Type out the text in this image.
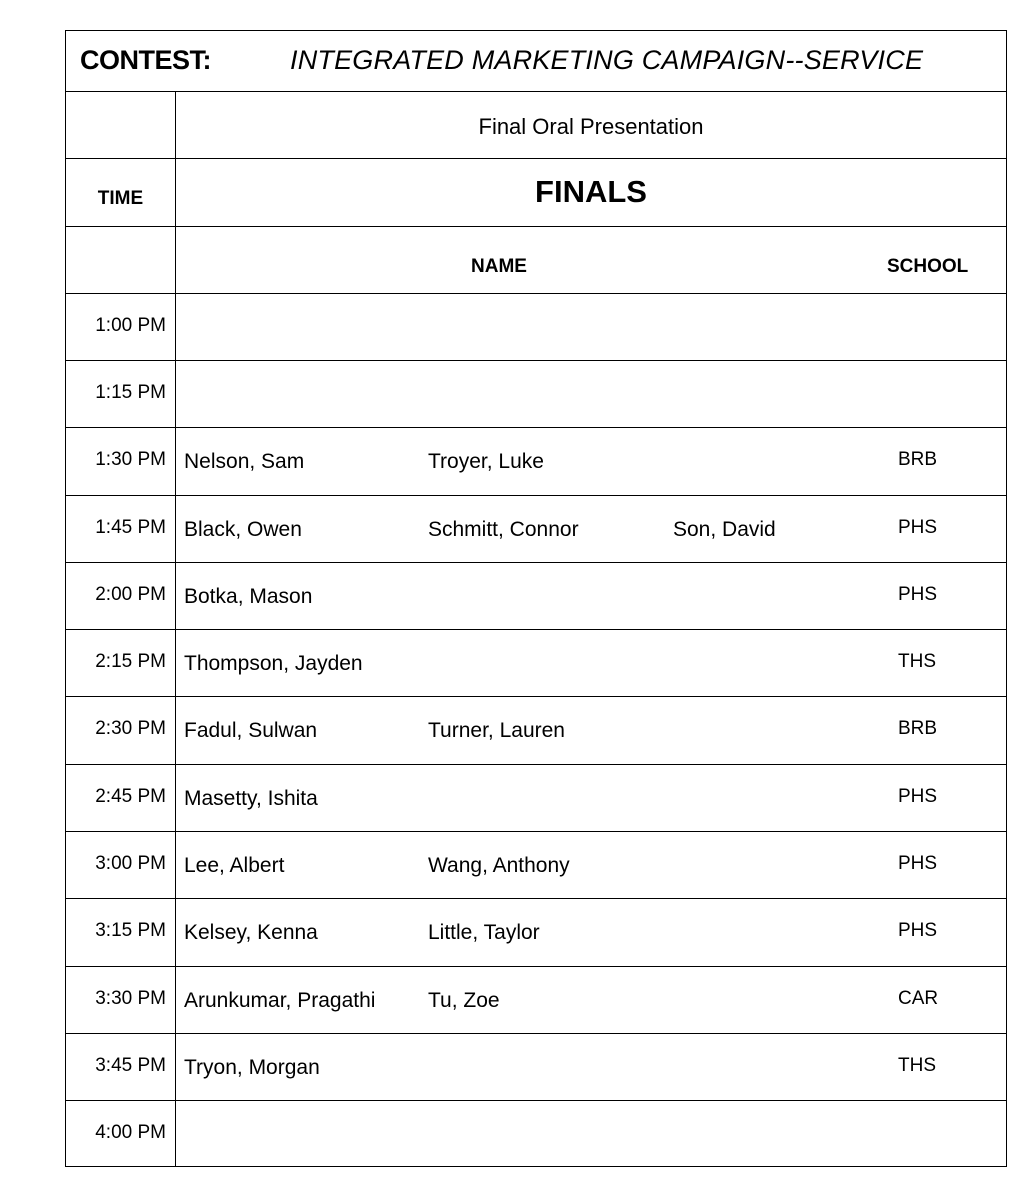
CONTEST:	INTEGRATED MARKETING CAMPAIGN--SERVICE
Final Oral Presentation
TIME	FINALS
NAME	SCHOOL
1:00 PM
1:15 PM
1:30 PM Nelson, Sam	Troyer, Luke	BRB
1:45 PM Black, Owen	Schmitt, Connor	Son, David	PHS
2:00 PM Botka, Mason	PHS
2:15 PM Thompson, Jayden	THS
2:30 PM Fadul, Sulwan	Turner, Lauren	BRB
2:45 PM Masetty, Ishita	PHS
3:00 PM Lee, Albert	Wang, Anthony	PHS
3:15 PM Kelsey, Kenna	Little, Taylor	PHS
3:30 PM Arunkumar, Pragathi	Tu, Zoe	CAR
3:45 PM Tryon, Morgan	THS
4:00 PM
